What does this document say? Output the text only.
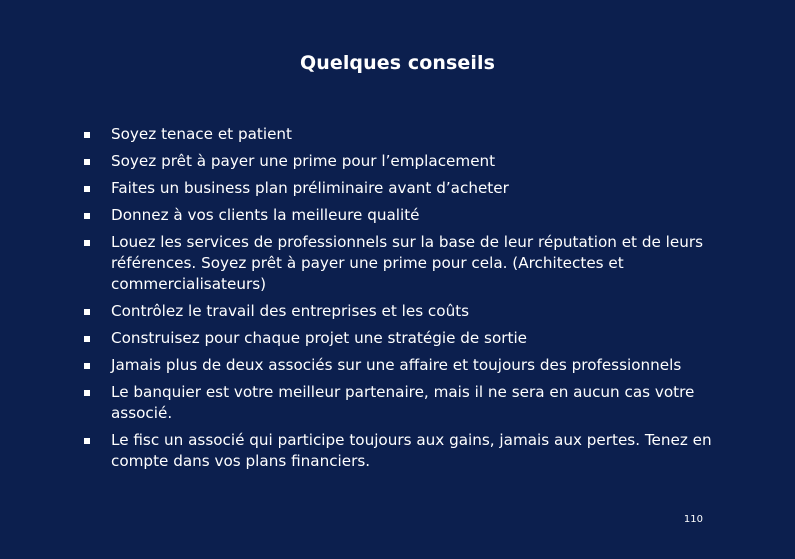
Quelques conseils
Soyez tenace et patient
Soyez prêt à payer une prime pour l’emplacement
Faites un business plan préliminaire avant d’acheter
Donnez à vos clients la meilleure qualité
Louez les services de professionnels sur la base de leur réputation et de leurs références. Soyez prêt à payer une prime pour cela. (Architectes et commercialisateurs)
Contrôlez le travail des entreprises et les coûts
Construisez pour chaque projet une stratégie de sortie
Jamais plus de deux associés sur une affaire et toujours des professionnels
Le banquier est votre meilleur partenaire, mais il ne sera en aucun cas votre associé.
Le fisc un associé qui participe toujours aux gains, jamais aux pertes. Tenez en compte dans vos plans financiers.
110
